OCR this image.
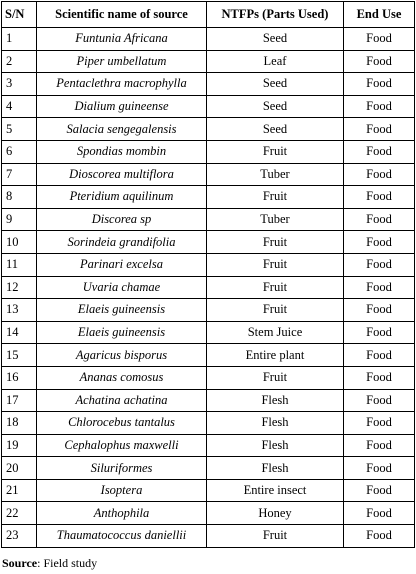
S/N	Scientific name of source	NTFPs (Parts Used)	End Use
1	Funtunia Africana	Seed	Food
2	Piper umbellatum	Leaf	Food
3	Pentaclethra macrophylla	Seed	Food
4	Dialium guineense	Seed	Food
5	Salacia sengegalensis	Seed	Food
6	Spondias mombin	Fruit	Food
7	Dioscorea multiflora	Tuber	Food
8	Pteridium aquilinum	Fruit	Food
9	Discorea sp	Tuber	Food
10	Sorindeia grandifolia	Fruit	Food
11	Parinari excelsa	Fruit	Food
12	Uvaria chamae	Fruit	Food
13	Elaeis guineensis	Fruit	Food
14	Elaeis guineensis	Stem Juice	Food
15	Agaricus bisporus	Entire plant	Food
16	Ananas comosus	Fruit	Food
17	Achatina achatina	Flesh	Food
18	Chlorocebus tantalus	Flesh	Food
19	Cephalophus maxwelli	Flesh	Food
20	Siluriformes	Flesh	Food
21	Isoptera	Entire insect	Food
22	Anthophila	Honey	Food
23	Thaumatococcus daniellii	Fruit	Food
Source: Field study
